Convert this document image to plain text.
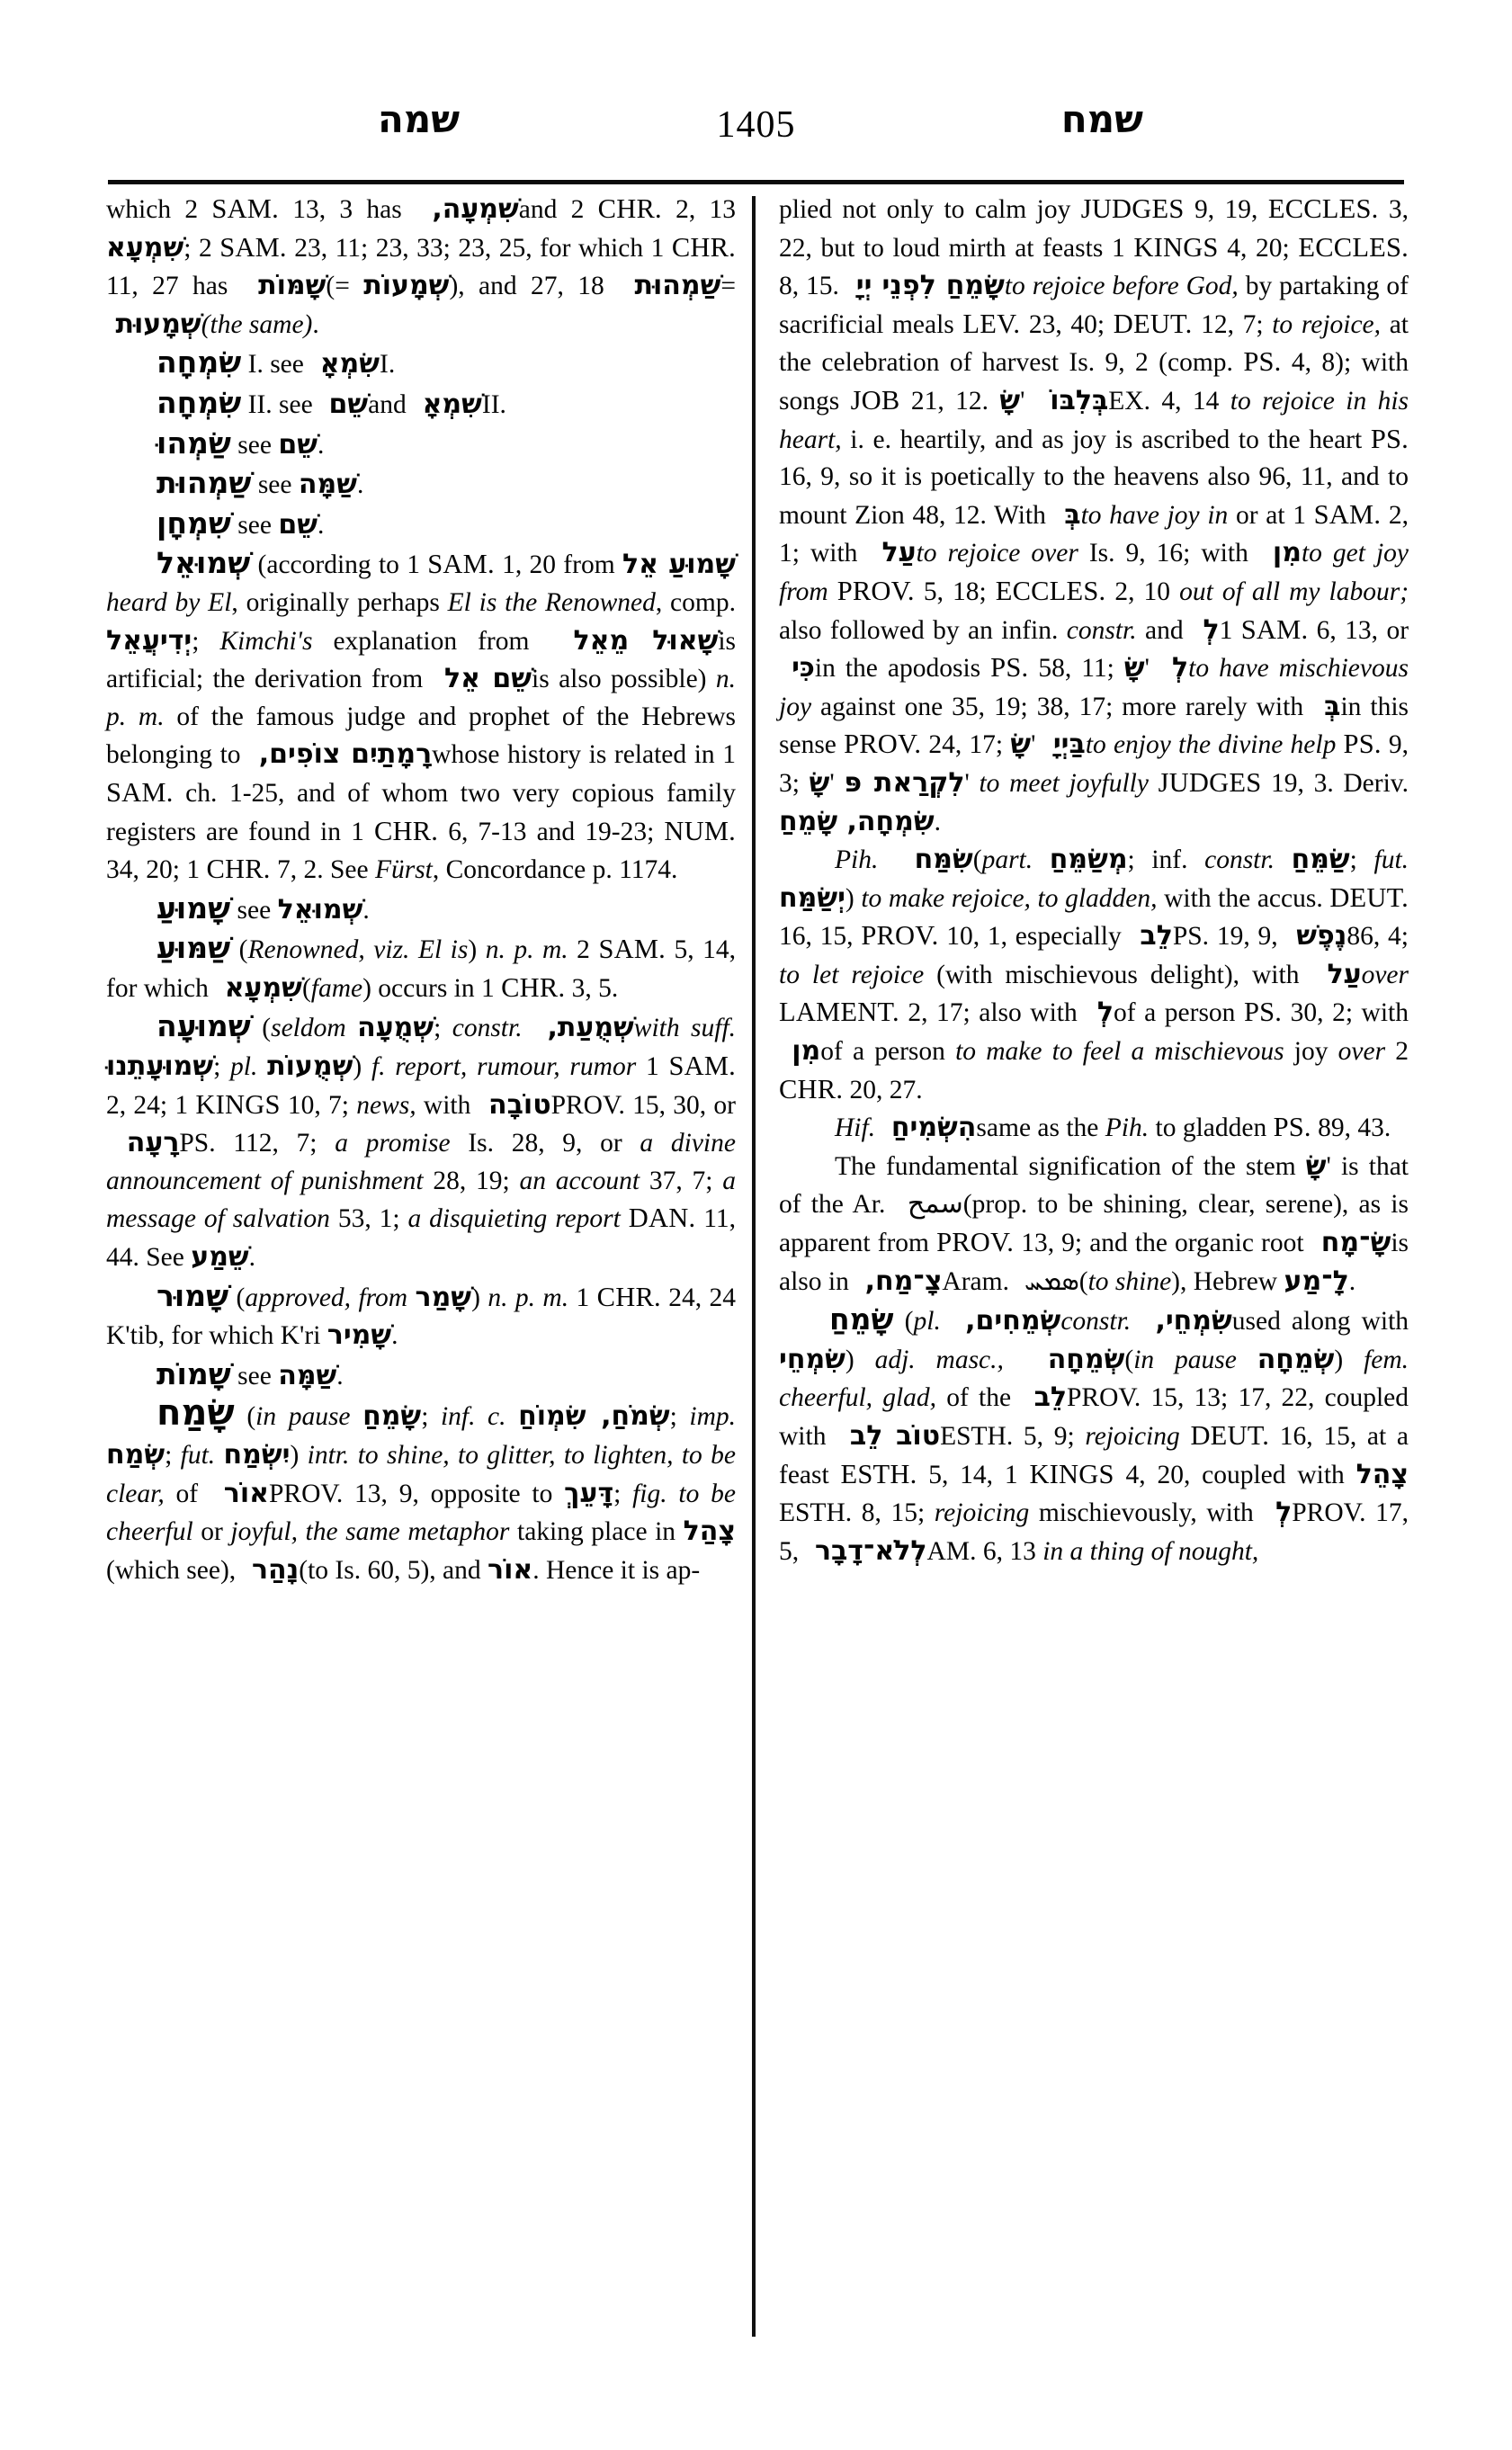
שמה	1405	שמח

which 2 SAM. 13, 3 has שִׁמְעָה, and 2 CHR. 2, 13 שִׁמְעָא; 2 SAM. 23, 11; 23, 33; 23, 25, for which 1 CHR. 11, 27 has שָׁמּוֹת (= שְׁמָעוֹת), and 27, 18 שַׁמְהוּת = שְׁמָעוּת (the same).

שִׂמְחָה I. see שִׂמְאָ I.

שִׂמְחָה II. see שֵׁם and שִׁמְאָ II.

שַׂמְהוּ see שֵׁם.

שַׁמְהוּת see שַׁמָּה.

שִׁמְחָן see שֵׁם.

שְׁמוּאֵל (according to 1 SAM. 1, 20 from שָׁמוּעַ אֵל heard by El, originally perhaps El is the Renowned, comp. יְדִיעֲאֵל; Kimchi's explanation from שָׁאוּל מֵאֵל is artificial; the derivation from שֵׁם אֵל is also possible) n. p. m. of the famous judge and prophet of the Hebrews belonging to רָמָתַיִם צוֹפִים, whose history is related in 1 SAM. ch. 1-25, and of whom two very copious family registers are found in 1 CHR. 6, 7-13 and 19-23; NUM. 34, 20; 1 CHR. 7, 2. See Fürst, Concordance p. 1174.

שָׁמוּעַ see שְׁמוּאֵל.

שַׁמּוּעַ (Renowned, viz. El is) n. p. m. 2 SAM. 5, 14, for which שִׁמְעָא (fame) occurs in 1 CHR. 3, 5.

שְׁמוּעָה (seldom שְׁמֻעָה; constr. שְׁמֻעַת, with suff. שְׁמוּעָתֵנוּ; pl. שְׁמֻעוֹת) f. report, rumour, rumor 1 SAM. 2, 24; 1 KINGS 10, 7; news, with טוֹבָה PROV. 15, 30, or רָעָה PS. 112, 7; a promise Is. 28, 9, or a divine announcement of punishment 28, 19; an account 37, 7; a message of salvation 53, 1; a disquieting report DAN. 11, 44. See שֵׁמַע.

שָׁמוּר (approved, from שָׁמַר) n. p. m. 1 CHR. 24, 24 K'tib, for which K'ri שָׁמִיר.

שָׁמוֹת see שַׁמָּה.

שָׂמַח (in pause שָׂמֵחַ; inf. c. שְׂמֹחַ, שִׂמְוֹחַ; imp. שְׂמַח; fut. יִשְׂמַח) intr. to shine, to glitter, to lighten, to be clear, of אוֹר PROV. 13, 9, opposite to דָּעֵךְ; fig. to be cheerful or joyful, the same metaphor taking place in צָהַל (which see), נָהַר (to Is. 60, 5), and אוֹר. Hence it is ap-

plied not only to calm joy JUDGES 9, 19, ECCLES. 3, 22, but to loud mirth at feasts 1 KINGS 4, 20; ECCLES. 8, 15. שָׂמֵחַ לִפְנֵי יְיָ to rejoice before God, by partaking of sacrificial meals LEV. 23, 40; DEUT. 12, 7; to rejoice, at the celebration of harvest Is. 9, 2 (comp. PS. 4, 8); with songs JOB 21, 12. שָׂ' בְּלִבּוֹ EX. 4, 14 to rejoice in his heart, i. e. heartily, and as joy is ascribed to the heart PS. 16, 9, so it is poetically to the heavens also 96, 11, and to mount Zion 48, 12. With בְּ to have joy in or at 1 SAM. 2, 1; with עַל to rejoice over Is. 9, 16; with מִן to get joy from PROV. 5, 18; ECCLES. 2, 10 out of all my labour; also followed by an infin. constr. and לְ 1 SAM. 6, 13, or כִּי in the apodosis PS. 58, 11; שָׂ' לְ to have mischievous joy against one 35, 19; 38, 17; more rarely with בְּ in this sense PROV. 24, 17; שָׂ' בַּיְיָ to enjoy the divine help PS. 9, 3; שָׂ' לִקְרַאת פּ' to meet joyfully JUDGES 19, 3. Deriv. שִׂמְחָה, שָׂמֵחַ.

Pih. שִׂמַּח (part. מְשַׂמֵּחַ; inf. constr. שַׂמֵּחַ; fut. יְשַׂמַּח) to make rejoice, to gladden, with the accus. DEUT. 16, 15, PROV. 10, 1, especially לֵב PS. 19, 9, נֶפֶשׁ 86, 4; to let rejoice (with mischievous delight), with עַל over LAMENT. 2, 17; also with לְ of a person PS. 30, 2; with מִן of a person to make to feel a mischievous joy over 2 CHR. 20, 27.

Hif. הִשְׂמִיחַ same as the Pih. to gladden PS. 89, 43.

The fundamental signification of the stem שָׂ' is that of the Ar. سمح (prop. to be shining, clear, serene), as is apparent from PROV. 13, 9; and the organic root שָׂ־מָח is also in צָ־מַח, Aram. ܣܡܚ (to shine), Hebrew לָ־מַע.

שָׂמֵחַ (pl. שְׂמֵחִים, constr. שִׂמְחֵי, used along with שִׂמְחֵי) adj. masc., שְׂמֵחָה (in pause שְׂמֵחָה) fem. cheerful, glad, of the לֵב PROV. 15, 13; 17, 22, coupled with טוֹב לֵב ESTH. 5, 9; rejoicing DEUT. 16, 15, at a feast ESTH. 5, 14, 1 KINGS 4, 20, coupled with צָהֵל ESTH. 8, 15; rejoicing mischievously, with לְ PROV. 17, 5, לְלֹא־דָבָר AM. 6, 13 in a thing of nought,
